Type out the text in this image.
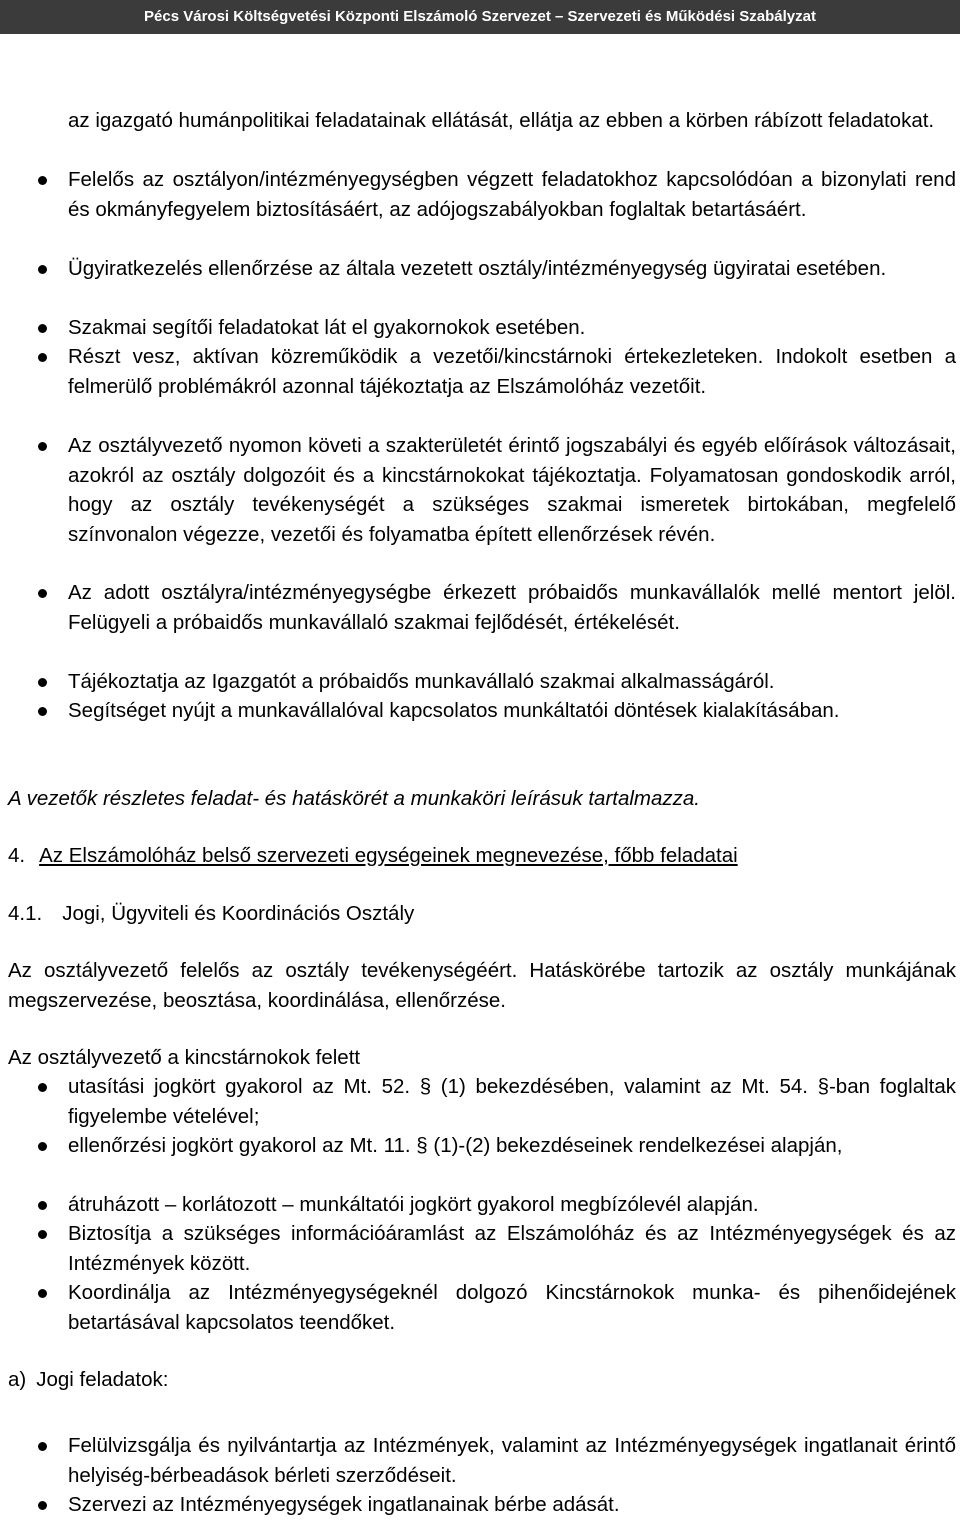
Pécs Városi Költségvetési Központi Elszámoló Szervezet – Szervezeti és Működési Szabályzat
az igazgató humánpolitikai feladatainak ellátását, ellátja az ebben a körben rábízott feladatokat.
Felelős az osztályon/intézményegységben végzett feladatokhoz kapcsolódóan a bizonylati rend és okmányfegyelem biztosításáért, az adójogszabályokban foglaltak betartásáért.
Ügyiratkezelés ellenőrzése az általa vezetett osztály/intézményegység ügyiratai esetében.
Szakmai segítői feladatokat lát el gyakornokok esetében.
Részt vesz, aktívan közreműködik a vezetői/kincstárnoki értekezleteken. Indokolt esetben a felmerülő problémákról azonnal tájékoztatja az Elszámolóház vezetőit.
Az osztályvezető nyomon követi a szakterületét érintő jogszabályi és egyéb előírások változásait, azokról az osztály dolgozóit és a kincstárnokokat tájékoztatja. Folyamatosan gondoskodik arról, hogy az osztály tevékenységét a szükséges szakmai ismeretek birtokában, megfelelő színvonalon végezze, vezetői és folyamatba épített ellenőrzések révén.
Az adott osztályra/intézményegységbe érkezett próbaidős munkavállalók mellé mentort jelöl. Felügyeli a próbaidős munkavállaló szakmai fejlődését, értékelését.
Tájékoztatja az Igazgatót a próbaidős munkavállaló szakmai alkalmasságáról.
Segítséget nyújt a munkavállalóval kapcsolatos munkáltatói döntések kialakításában.
A vezetők részletes feladat- és hatáskörét a munkaköri leírásuk tartalmazza.
4. Az Elszámolóház belső szervezeti egységeinek megnevezése, főbb feladatai
4.1. Jogi, Ügyviteli és Koordinációs Osztály
Az osztályvezető felelős az osztály tevékenységéért. Hatáskörébe tartozik az osztály munkájának megszervezése, beosztása, koordinálása, ellenőrzése.
Az osztályvezető a kincstárnokok felett
utasítási jogkört gyakorol az Mt. 52. § (1) bekezdésében, valamint az Mt. 54. §-ban foglaltak figyelembe vételével;
ellenőrzési jogkört gyakorol az Mt. 11. § (1)-(2) bekezdéseinek rendelkezései alapján,
átruházott – korlátozott – munkáltatói jogkört gyakorol megbízólevél alapján.
Biztosítja a szükséges információáramlást az Elszámolóház és az Intézményegységek és az Intézmények között.
Koordinálja az Intézményegységeknél dolgozó Kincstárnokok munka- és pihenőidejének betartásával kapcsolatos teendőket.
a) Jogi feladatok:
Felülvizsgálja és nyilvántartja az Intézmények, valamint az Intézményegységek ingatlanait érintő helyiség-bérbeadások bérleti szerződéseit.
Szervezi az Intézményegységek ingatlanainak bérbe adását.
